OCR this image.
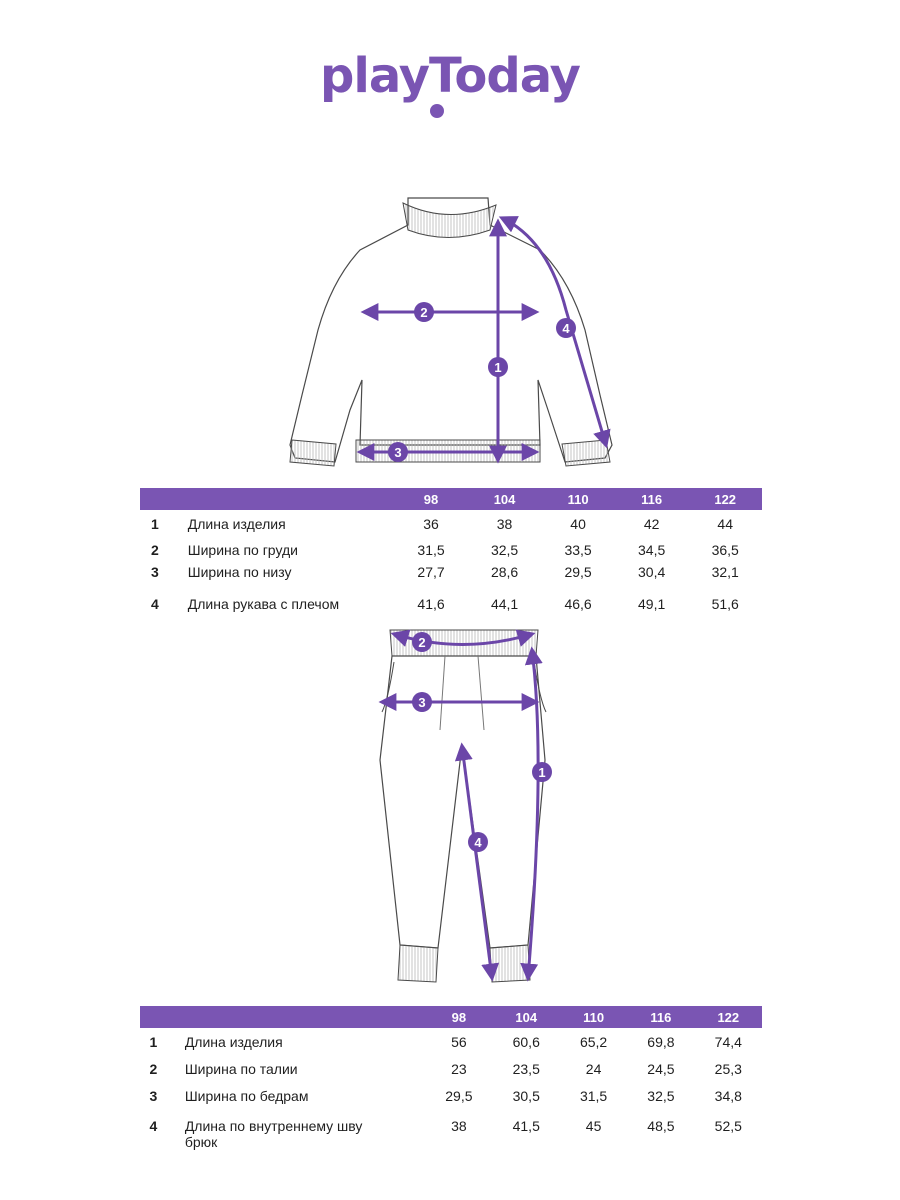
playToday
1
2
3
4
		98	104	110	116	122
1	Длина изделия	36	38	40	42	44
2	Ширина по груди	31,5	32,5	33,5	34,5	36,5
3	Ширина по низу	27,7	28,6	29,5	30,4	32,1
4	Длина рукава с плечом	41,6	44,1	46,6	49,1	51,6
1
2
3
4
		98	104	110	116	122
1	Длина изделия	56	60,6	65,2	69,8	74,4
2	Ширина по талии	23	23,5	24	24,5	25,3
3	Ширина по бедрам	29,5	30,5	31,5	32,5	34,8
4	Длина по внутреннему шву брюк	38	41,5	45	48,5	52,5
